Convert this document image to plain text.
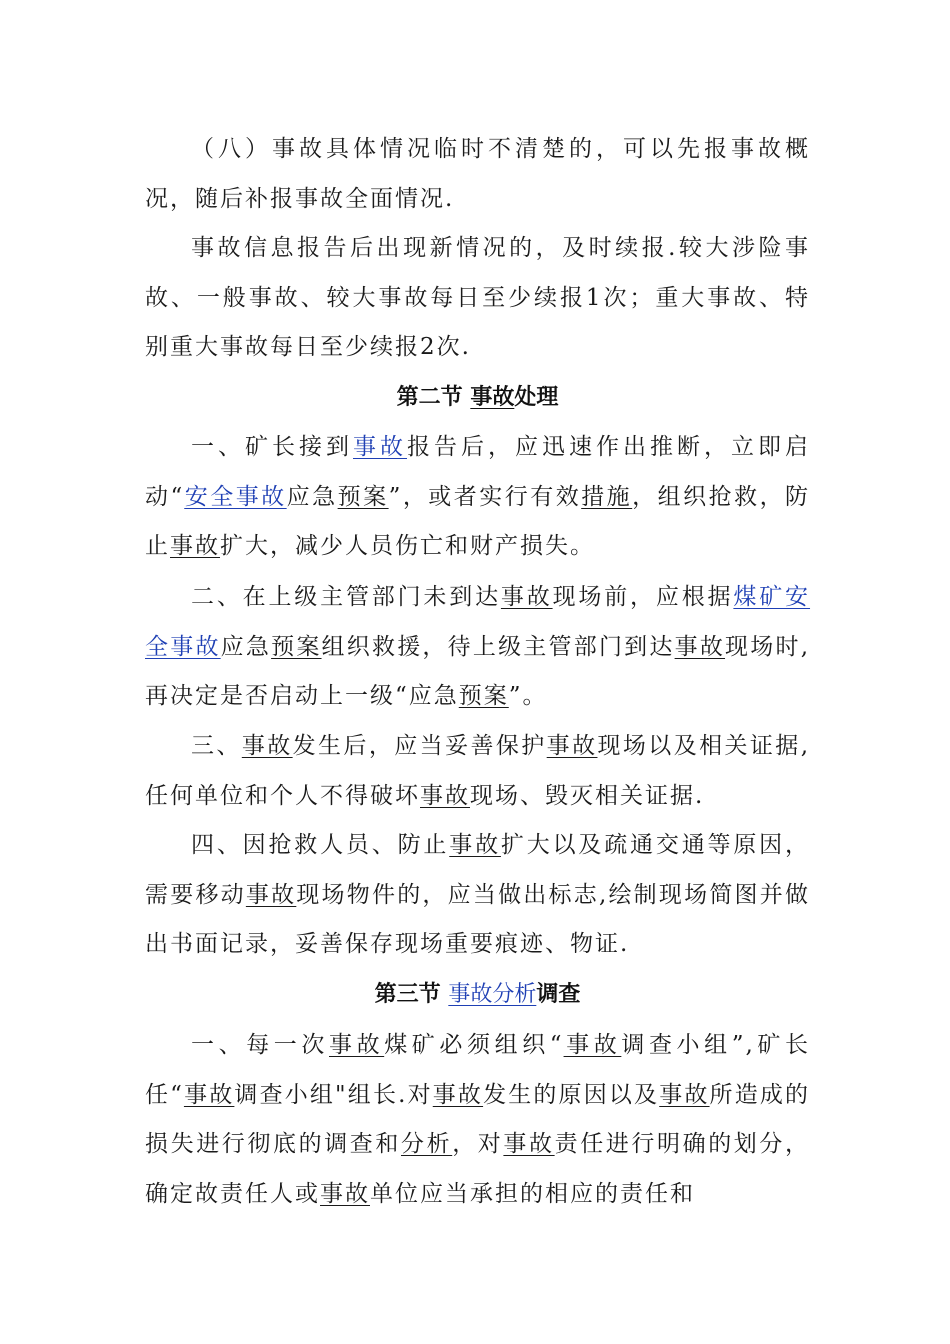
（八）事故具体情况临时不清楚的，可以先报事故概况，随后补报事故全面情况.

事故信息报告后出现新情况的，及时续报.较大涉险事故、一般事故、较大事故每日至少续报1次；重大事故、特别重大事故每日至少续报2次.

第二节 事故处理

一、矿长接到事故报告后，应迅速作出推断，立即启动“安全事故应急预案”，或者实行有效措施，组织抢救，防止事故扩大，减少人员伤亡和财产损失。

二、在上级主管部门未到达事故现场前，应根据煤矿安全事故应急预案组织救援，待上级主管部门到达事故现场时,再决定是否启动上一级“应急预案”。

三、事故发生后，应当妥善保护事故现场以及相关证据,任何单位和个人不得破坏事故现场、毁灭相关证据.

四、因抢救人员、防止事故扩大以及疏通交通等原因，需要移动事故现场物件的，应当做出标志,绘制现场简图并做出书面记录，妥善保存现场重要痕迹、物证.

第三节 事故分析调查

一、每一次事故煤矿必须组织“事故调查小组”,矿长任“事故调查小组"组长.对事故发生的原因以及事故所造成的损失进行彻底的调查和分析，对事故责任进行明确的划分，确定故责任人或事故单位应当承担的相应的责任和
